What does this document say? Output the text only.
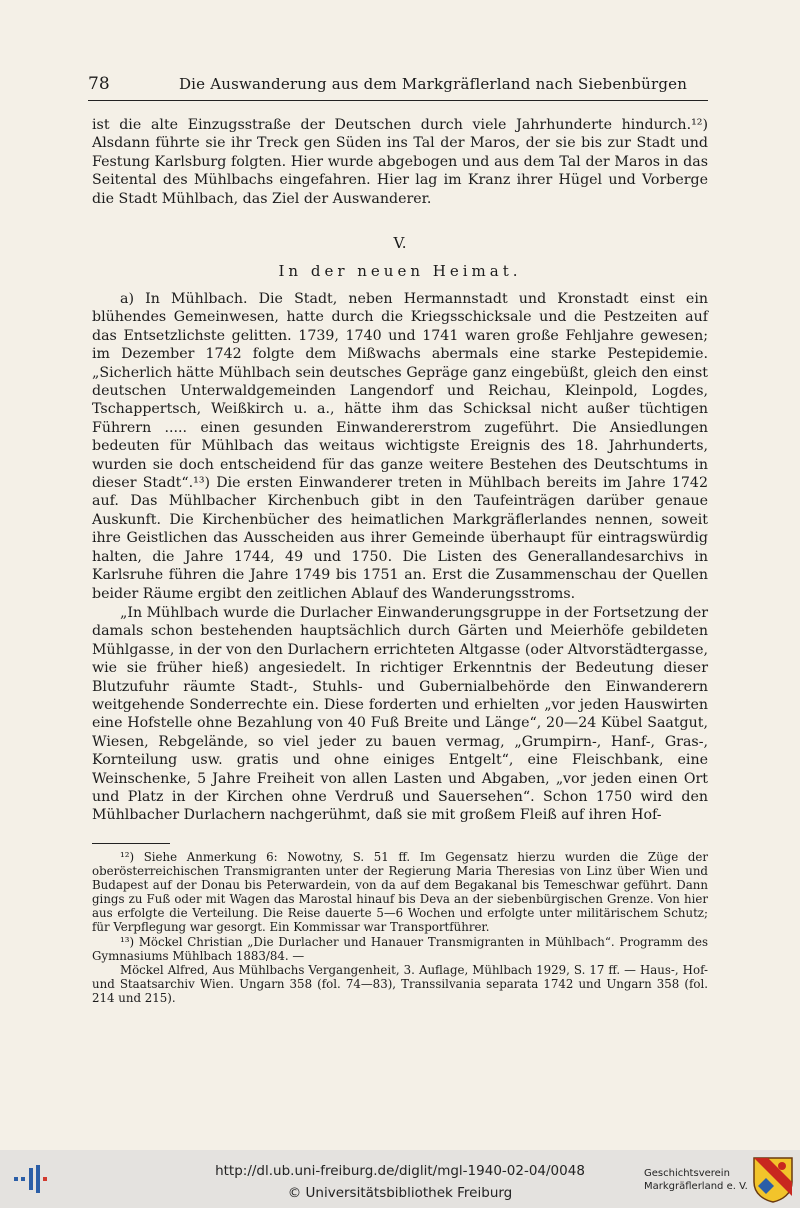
78	Die Auswanderung aus dem Markgräflerland nach Siebenbürgen

ist die alte Einzugsstraße der Deutschen durch viele Jahrhunderte hindurch.¹²) Alsdann führte sie ihr Treck gen Süden ins Tal der Maros, der sie bis zur Stadt und Festung Karlsburg folgten. Hier wurde abgebogen und aus dem Tal der Maros in das Seitental des Mühlbachs eingefahren. Hier lag im Kranz ihrer Hügel und Vorberge die Stadt Mühlbach, das Ziel der Auswanderer.

V.
In der neuen Heimat.

a) In Mühlbach. Die Stadt, neben Hermannstadt und Kronstadt einst ein blühendes Gemeinwesen, hatte durch die Kriegsschicksale und die Pestzeiten auf das Entsetzlichste gelitten. 1739, 1740 und 1741 waren große Fehljahre gewesen; im Dezember 1742 folgte dem Mißwachs abermals eine starke Pestepidemie. „Sicherlich hätte Mühlbach sein deutsches Gepräge ganz eingebüßt, gleich den einst deutschen Unterwaldgemeinden Langendorf und Reichau, Kleinpold, Logdes, Tschappertsch, Weißkirch u. a., hätte ihm das Schicksal nicht außer tüchtigen Führern ..... einen gesunden Einwandererstrom zugeführt. Die Ansiedlungen bedeuten für Mühlbach das weitaus wichtigste Ereignis des 18. Jahrhunderts, wurden sie doch entscheidend für das ganze weitere Bestehen des Deutschtums in dieser Stadt“.¹³) Die ersten Einwanderer treten in Mühlbach bereits im Jahre 1742 auf. Das Mühlbacher Kirchenbuch gibt in den Taufeinträgen darüber genaue Auskunft. Die Kirchenbücher des heimatlichen Markgräflerlandes nennen, soweit ihre Geistlichen das Ausscheiden aus ihrer Gemeinde überhaupt für eintragswürdig halten, die Jahre 1744, 49 und 1750. Die Listen des Generallandesarchivs in Karlsruhe führen die Jahre 1749 bis 1751 an. Erst die Zusammenschau der Quellen beider Räume ergibt den zeitlichen Ablauf des Wanderungsstroms.

„In Mühlbach wurde die Durlacher Einwanderungsgruppe in der Fortsetzung der damals schon bestehenden hauptsächlich durch Gärten und Meierhöfe gebildeten Mühlgasse, in der von den Durlachern errichteten Altgasse (oder Altvorstädtergasse, wie sie früher hieß) angesiedelt. In richtiger Erkenntnis der Bedeutung dieser Blutzufuhr räumte Stadt-, Stuhls- und Gubernialbehörde den Einwanderern weitgehende Sonderrechte ein. Diese forderten und erhielten „vor jeden Hauswirten eine Hofstelle ohne Bezahlung von 40 Fuß Breite und Länge“, 20—24 Kübel Saatgut, Wiesen, Rebgelände, so viel jeder zu bauen vermag, „Grumpirn-, Hanf-, Gras-, Kornteilung usw. gratis und ohne einiges Entgelt“, eine Fleischbank, eine Weinschenke, 5 Jahre Freiheit von allen Lasten und Abgaben, „vor jeden einen Ort und Platz in der Kirchen ohne Verdruß und Sauersehen“. Schon 1750 wird den Mühlbacher Durlachern nachgerühmt, daß sie mit großem Fleiß auf ihren Hof-

¹²) Siehe Anmerkung 6: Nowotny, S. 51 ff. Im Gegensatz hierzu wurden die Züge der oberösterreichischen Transmigranten unter der Regierung Maria Theresias von Linz über Wien und Budapest auf der Donau bis Peterwardein, von da auf dem Begakanal bis Temeschwar geführt. Dann gings zu Fuß oder mit Wagen das Marostal hinauf bis Deva an der siebenbürgischen Grenze. Von hier aus erfolgte die Verteilung. Die Reise dauerte 5—6 Wochen und erfolgte unter militärischem Schutz; für Verpflegung war gesorgt. Ein Kommissar war Transportführer.

¹³) Möckel Christian „Die Durlacher und Hanauer Transmigranten in Mühlbach“. Programm des Gymnasiums Mühlbach 1883/84. —

Möckel Alfred, Aus Mühlbachs Vergangenheit, 3. Auflage, Mühlbach 1929, S. 17 ff. — Haus-, Hof- und Staatsarchiv Wien. Ungarn 358 (fol. 74—83), Transsilvania separata 1742 und Ungarn 358 (fol. 214 und 215).

http://dl.ub.uni-freiburg.de/diglit/mgl-1940-02-04/0048
© Universitätsbibliothek Freiburg
Geschichtsverein
Markgräflerland e. V.
